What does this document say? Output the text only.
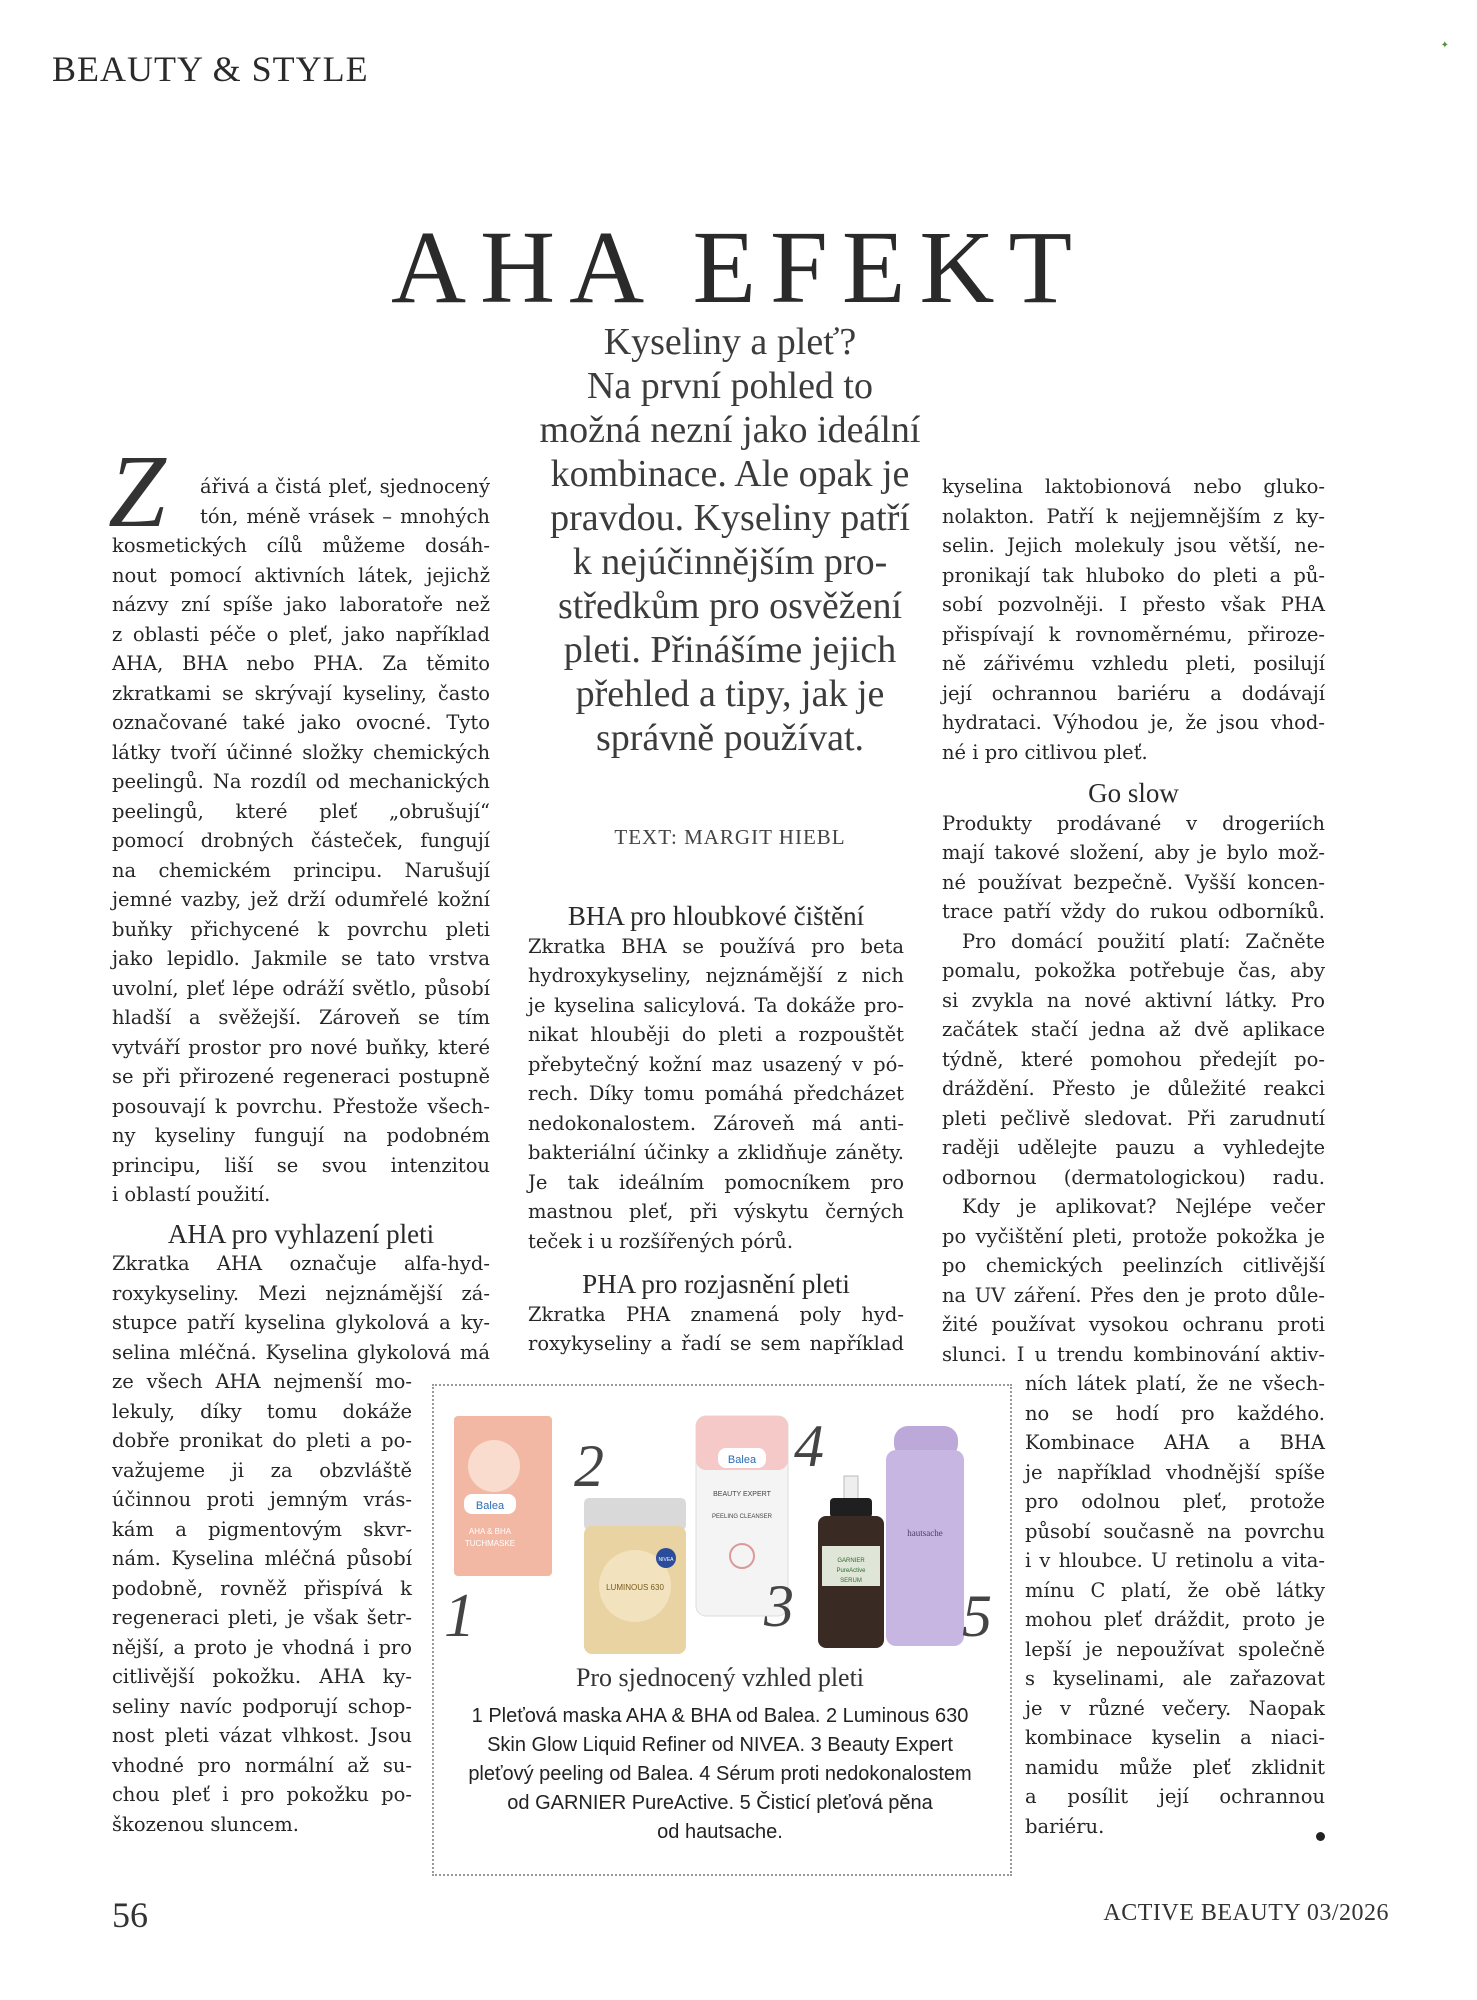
BEAUTY & STYLE
✦
AHA EFEKT
Kyseliny a pleť?
Na první pohled to
možná nezní jako ideální
kombinace. Ale opak je
pravdou. Kyseliny patří
k nejúčinnějším pro-
středkům pro osvěžení
pleti. Přinášíme jejich
přehled a tipy, jak je
správně používat.
TEXT: MARGIT HIEBL
Z ářivá a čistá pleť, sjednocený
tón, méně vrásek – mnohých
kosmetických cílů můžeme dosáh-
nout pomocí aktivních látek, jejichž
názvy zní spíše jako laboratoře než
z oblasti péče o pleť, jako například
AHA, BHA nebo PHA. Za těmito
zkratkami se skrývají kyseliny, často
označované také jako ovocné. Tyto
látky tvoří účinné složky chemických
peelingů. Na rozdíl od mechanických
peelingů, které pleť „obrušují“
pomocí drobných částeček, fungují
na chemickém principu. Narušují
jemné vazby, jež drží odumřelé kožní
buňky přichycené k povrchu pleti
jako lepidlo. Jakmile se tato vrstva
uvolní, pleť lépe odráží světlo, působí
hladší a svěžejší. Zároveň se tím
vytváří prostor pro nové buňky, které
se při přirozené regeneraci postupně
posouvají k povrchu. Přestože všech-
ny kyseliny fungují na podobném
principu, liší se svou intenzitou
i oblastí použití.
AHA pro vyhlazení pleti
Zkratka AHA označuje alfa-hyd-
roxykyseliny. Mezi nejznámější zá-
stupce patří kyselina glykolová a ky-
selina mléčná. Kyselina glykolová má
ze všech AHA nejmenší mo-
lekuly, díky tomu dokáže
dobře pronikat do pleti a po-
važujeme ji za obzvláště
účinnou proti jemným vrás-
kám a pigmentovým skvr-
nám. Kyselina mléčná působí
podobně, rovněž přispívá k
regeneraci pleti, je však šetr-
nější, a proto je vhodná i pro
citlivější pokožku. AHA ky-
seliny navíc podporují schop-
nost pleti vázat vlhkost. Jsou
vhodné pro normální až su-
chou pleť i pro pokožku po-
škozenou sluncem.
BHA pro hloubkové čištění
Zkratka BHA se používá pro beta
hydroxykyseliny, nejznámější z nich
je kyselina salicylová. Ta dokáže pro-
nikat hlouběji do pleti a rozpouštět
přebytečný kožní maz usazený v pó-
rech. Díky tomu pomáhá předcházet
nedokonalostem. Zároveň má anti-
bakteriální účinky a zklidňuje záněty.
Je tak ideálním pomocníkem pro
mastnou pleť, při výskytu černých
teček i u rozšířených pórů.
PHA pro rozjasnění pleti
Zkratka PHA znamená poly hyd-
roxykyseliny a řadí se sem například
kyselina laktobionová nebo gluko-
nolakton. Patří k nejjemnějším z ky-
selin. Jejich molekuly jsou větší, ne-
pronikají tak hluboko do pleti a pů-
sobí pozvolněji. I přesto však PHA
přispívají k rovnoměrnému, přiroze-
ně zářivému vzhledu pleti, posilují
její ochrannou bariéru a dodávají
hydrataci. Výhodou je, že jsou vhod-
né i pro citlivou pleť.
Go slow
Produkty prodávané v drogeriích
mají takové složení, aby je bylo mož-
né používat bezpečně. Vyšší koncen-
trace patří vždy do rukou odborníků.
Pro domácí použití platí: Začněte
pomalu, pokožka potřebuje čas, aby
si zvykla na nové aktivní látky. Pro
začátek stačí jedna až dvě aplikace
týdně, které pomohou předejít po-
dráždění. Přesto je důležité reakci
pleti pečlivě sledovat. Při zarudnutí
raději udělejte pauzu a vyhledejte
odbornou (dermatologickou) radu.
Kdy je aplikovat? Nejlépe večer
po vyčištění pleti, protože pokožka je
po chemických peelinzích citlivější
na UV záření. Přes den je proto důle-
žité používat vysokou ochranu proti
slunci. I u trendu kombinování aktiv-
ních látek platí, že ne všech-
no se hodí pro každého.
Kombinace AHA a BHA
je například vhodnější spíše
pro odolnou pleť, protože
působí současně na povrchu
i v hloubce. U retinolu a vita-
mínu C platí, že obě látky
mohou pleť dráždit, proto je
lepší je nepoužívat společně
s kyselinami, ale zařazovat
je v různé večery. Naopak
kombinace kyselin a niaci-
namidu může pleť zklidnit
a posílit její ochrannou
bariéru.
Balea
AHA & BHA
TUCHMASKE
NIVEA
LUMINOUS 630
Balea
BEAUTY EXPERT
PEELING CLEANSER
GARNIER
PureActive
SERUM
hautsache
1
2
3
4
5
Pro sjednocený vzhled pleti
1 Pleťová maska AHA & BHA od Balea. 2 Luminous 630
Skin Glow Liquid Refiner od NIVEA. 3 Beauty Expert
pleťový peeling od Balea. 4 Sérum proti nedokonalostem
od GARNIER PureActive. 5 Čisticí pleťová pěna
od hautsache.
56	ACTIVE BEAUTY 03/2026
